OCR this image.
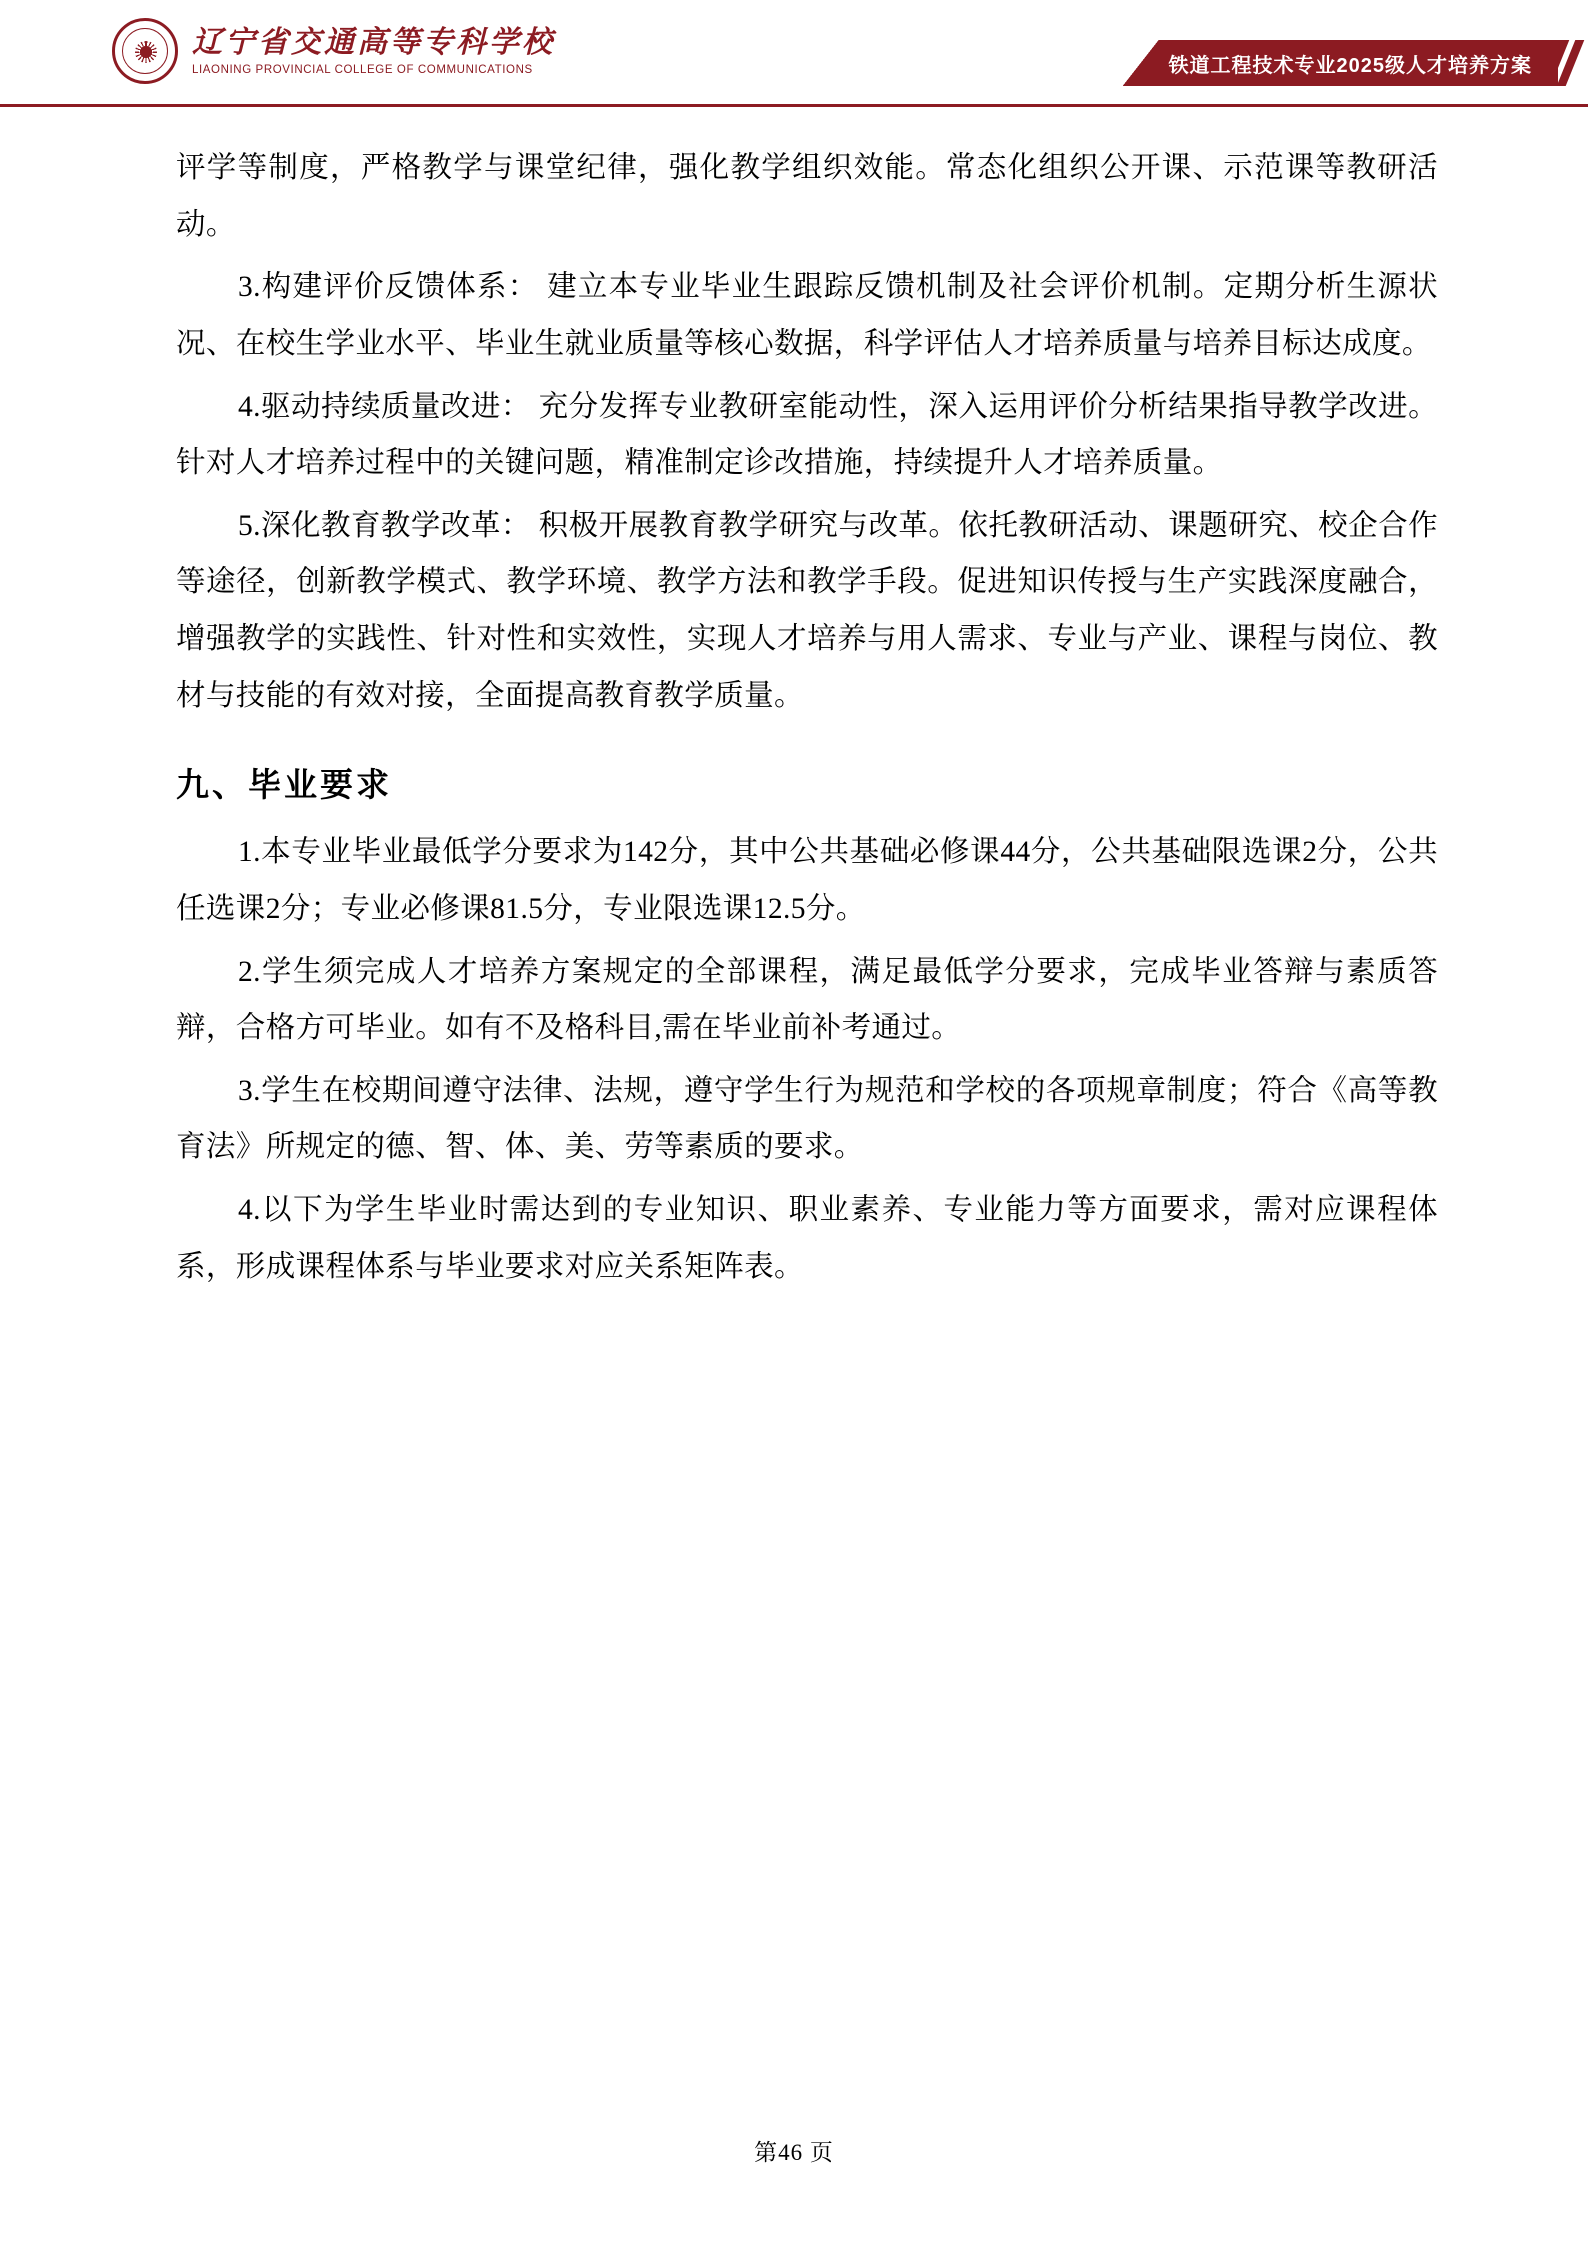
辽宁省交通高等专科学校
LIAONING PROVINCIAL COLLEGE OF COMMUNICATIONS	铁道工程技术专业2025级人才培养方案

评学等制度，严格教学与课堂纪律，强化教学组织效能。常态化组织公开课、示范课等教研活动。

3.构建评价反馈体系： 建立本专业毕业生跟踪反馈机制及社会评价机制。定期分析生源状况、在校生学业水平、毕业生就业质量等核心数据，科学评估人才培养质量与培养目标达成度。

4.驱动持续质量改进： 充分发挥专业教研室能动性，深入运用评价分析结果指导教学改进。针对人才培养过程中的关键问题，精准制定诊改措施，持续提升人才培养质量。

5.深化教育教学改革： 积极开展教育教学研究与改革。依托教研活动、课题研究、校企合作等途径，创新教学模式、教学环境、教学方法和教学手段。促进知识传授与生产实践深度融合，增强教学的实践性、针对性和实效性，实现人才培养与用人需求、专业与产业、课程与岗位、教材与技能的有效对接，全面提高教育教学质量。

九、毕业要求

1.本专业毕业最低学分要求为142分，其中公共基础必修课44分，公共基础限选课2分，公共任选课2分；专业必修课81.5分，专业限选课12.5分。

2.学生须完成人才培养方案规定的全部课程，满足最低学分要求，完成毕业答辩与素质答辩，合格方可毕业。如有不及格科目,需在毕业前补考通过。

3.学生在校期间遵守法律、法规，遵守学生行为规范和学校的各项规章制度；符合《高等教育法》所规定的德、智、体、美、劳等素质的要求。

4.以下为学生毕业时需达到的专业知识、职业素养、专业能力等方面要求，需对应课程体系，形成课程体系与毕业要求对应关系矩阵表。

第46 页
